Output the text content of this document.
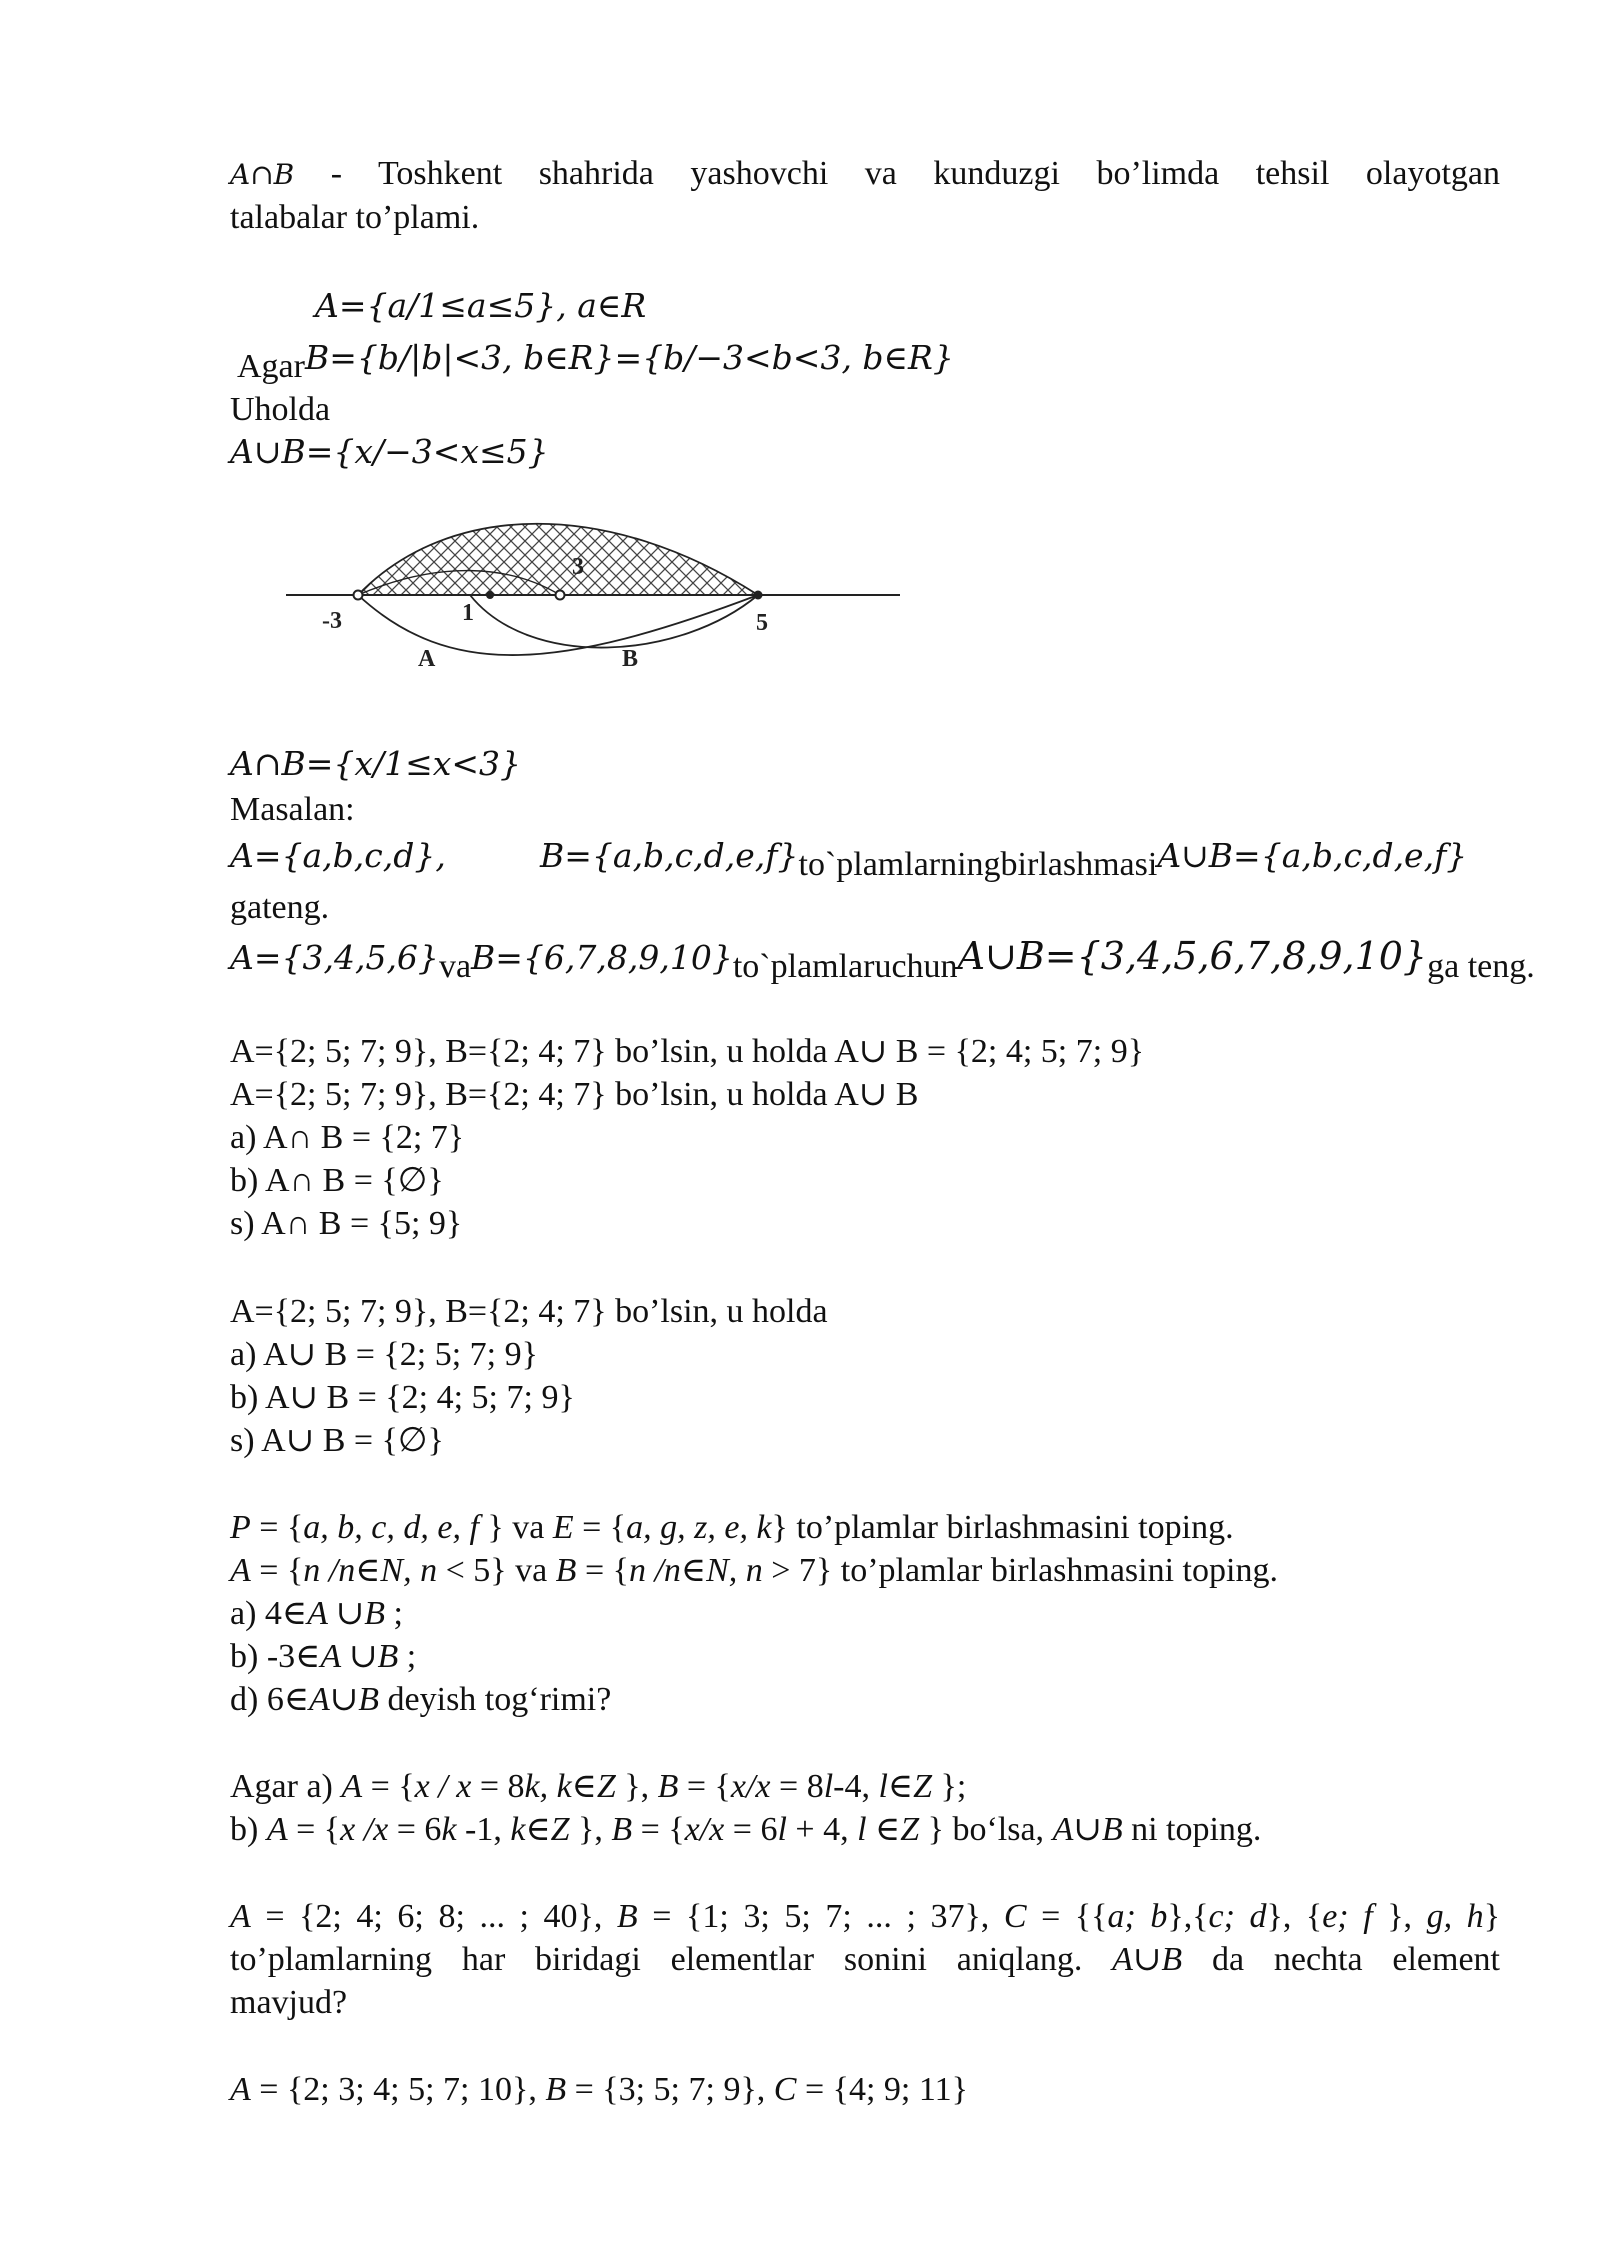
A∩B - Toshkent shahrida yashovchi va kunduzgi bo’limda tehsil olayotgan
talabalar to’plami.
A={a/1≤a≤5}, a∈R
AgarB={b/|b|<3, b∈R}={b/−3<b<3, b∈R}
Uholda
A∪B={x/−3<x≤5}
-3	1
3
5
A	B
A∩B={x/1≤x<3}
Masalan:
A={a,b,c,d},	B={a,b,c,d,e,f}to`plamlarningbirlashmasiA∪B={a,b,c,d,e,f}
gateng.
A={3,4,5,6}vaB={6,7,8,9,10}to`plamlaruchunA∪B={3,4,5,6,7,8,9,10}ga teng.
A={2; 5; 7; 9}, B={2; 4; 7} bo’lsin, u holda A∪ B = {2; 4; 5; 7; 9}
A={2; 5; 7; 9}, B={2; 4; 7} bo’lsin, u holda A∪ B
a) A∩ B = {2; 7}
b) A∩ B = {∅}
s) A∩ B = {5; 9}
A={2; 5; 7; 9}, B={2; 4; 7} bo’lsin, u holda
a) A∪ B = {2; 5; 7; 9}
b) A∪ B = {2; 4; 5; 7; 9}
s) A∪ B = {∅}
P = {a, b, c, d, e, f } va E = {a, g, z, e, k} to’plamlar birlashmasini toping.
A = {n /n∈N, n < 5} va B = {n /n∈N, n > 7} to’plamlar birlashmasini toping.
a) 4∈A ∪B ;
b) -3∈A ∪B ;
d) 6∈A∪B deyish tog‘rimi?
Agar a) A = {x / x = 8k, k∈Z }, B = {x/x = 8l-4, l∈Z };
b) A = {x /x = 6k -1, k∈Z }, B = {x/x = 6l + 4, l ∈Z } bo‘lsa, A∪B ni toping.
A = {2; 4; 6; 8; ... ; 40}, B = {1; 3; 5; 7; ... ; 37}, C = {{a; b},{c; d}, {e; f }, g, h}
to’plamlarning har biridagi elementlar sonini aniqlang. A∪B da nechta element
mavjud?
A = {2; 3; 4; 5; 7; 10}, B = {3; 5; 7; 9}, C = {4; 9; 11}
